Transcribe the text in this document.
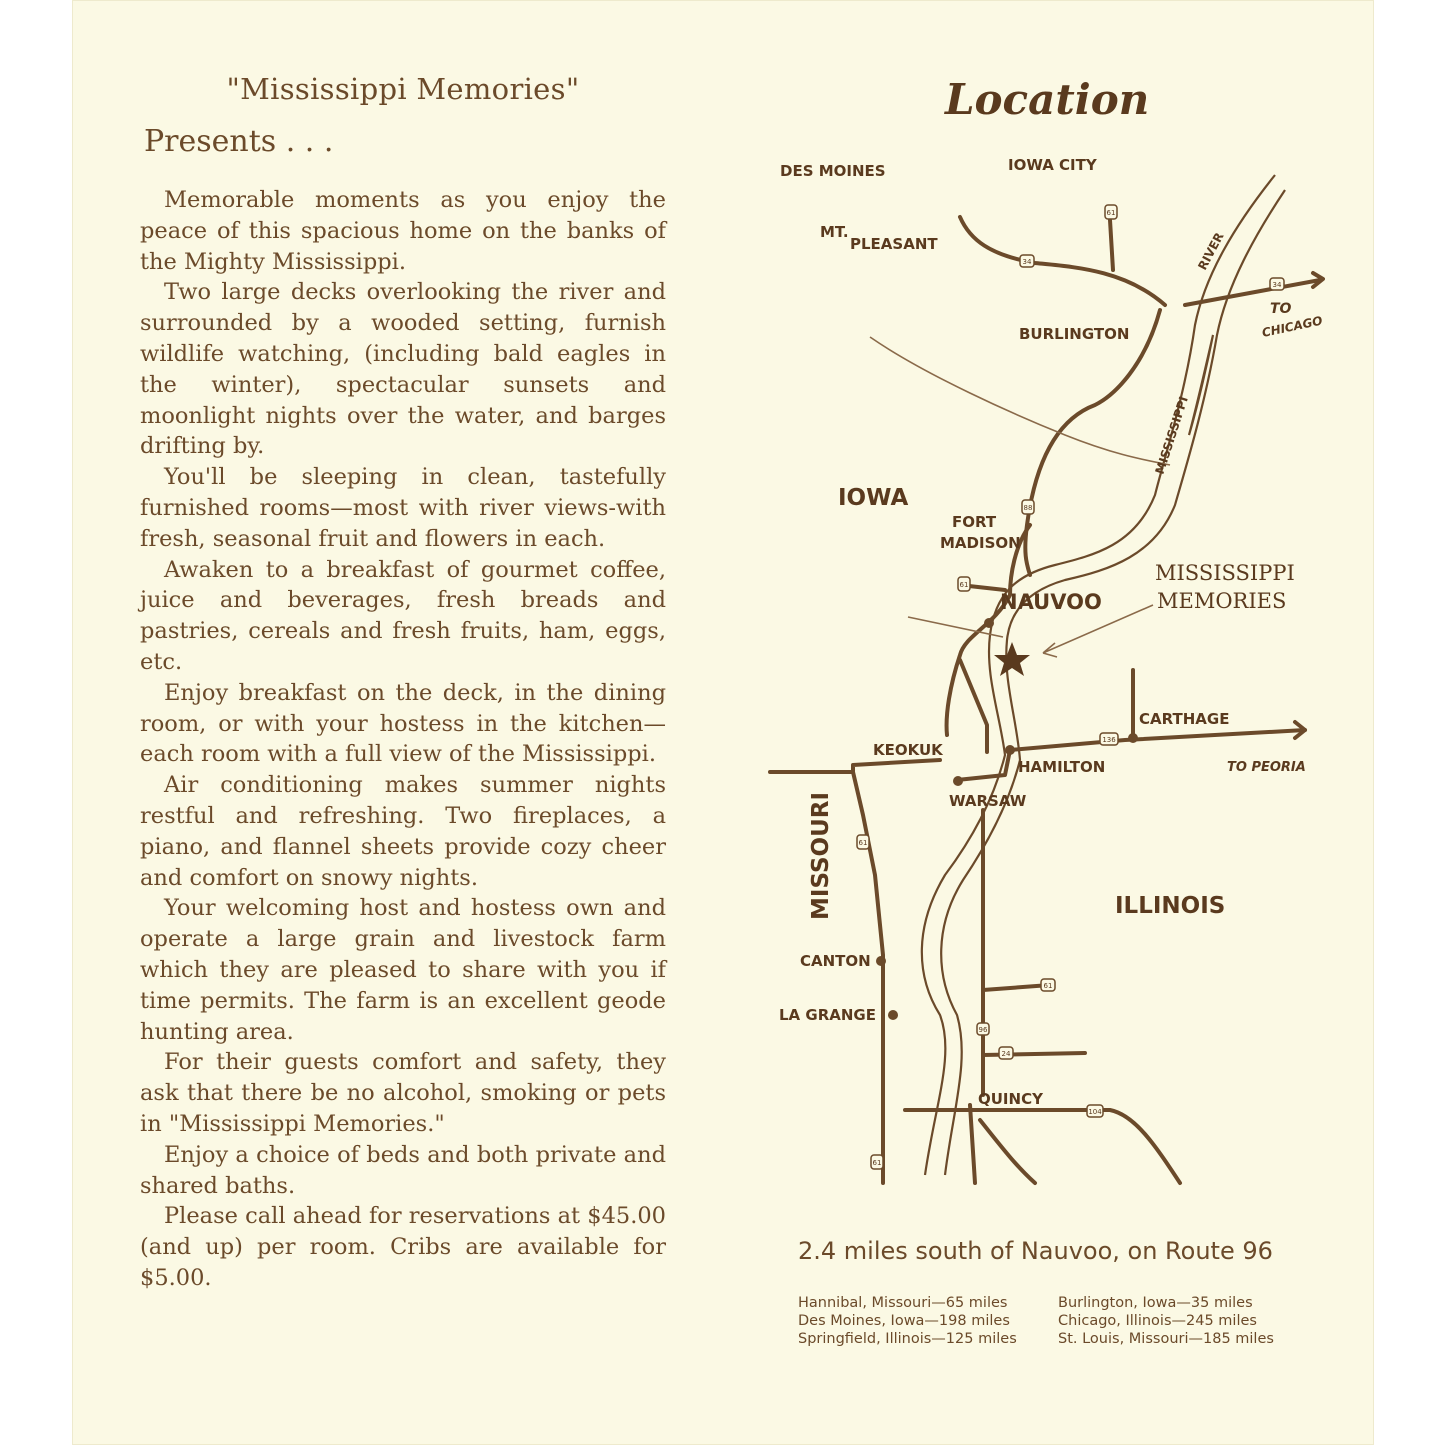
"Mississippi Memories"
Presents . . .

Memorable moments as you enjoy the peace of this spacious home on the banks of the Mighty Mississippi.

Two large decks overlooking the river and surrounded by a wooded setting, furnish wildlife watching, (including bald eagles in the winter), spectacular sunsets and moonlight nights over the water, and barges drifting by.

You'll be sleeping in clean, tastefully furnished rooms—most with river views-with fresh, seasonal fruit and flowers in each.

Awaken to a breakfast of gourmet coffee, juice and beverages, fresh breads and pastries, cereals and fresh fruits, ham, eggs, etc.

Enjoy breakfast on the deck, in the dining room, or with your hostess in the kitchen—each room with a full view of the Mississippi.

Air conditioning makes summer nights restful and refreshing. Two fireplaces, a piano, and flannel sheets provide cozy cheer and comfort on snowy nights.

Your welcoming host and hostess own and operate a large grain and livestock farm which they are pleased to share with you if time permits. The farm is an excellent geode hunting area.

For their guests comfort and safety, they ask that there be no alcohol, smoking or pets in "Mississippi Memories."

Enjoy a choice of beds and both private and shared baths.

Please call ahead for reservations at $45.00 (and up) per room. Cribs are available for $5.00.

61
34
34
88
61
136
61
61
96
24
104
61
DES MOINES	IOWA CITY
MT.
PLEASANT
BURLINGTON
FORT
MADISON
NAUVOO
KEOKUK
HAMILTON
WARSAW
CARTHAGE
CANTON
LA GRANGE
QUINCY
IOWA
ILLINOIS
MISSOURI
RIVER
MISSISSIPPI
TO
CHICAGO
TO PEORIA
MISSISSIPPI
MEMORIES
Location

2.4 miles south of Nauvoo, on Route 96

Hannibal, Missouri—65 miles	Burlington, Iowa—35 miles
Des Moines, Iowa—198 miles	Chicago, Illinois—245 miles
Springfield, Illinois—125 miles	St. Louis, Missouri—185 miles
